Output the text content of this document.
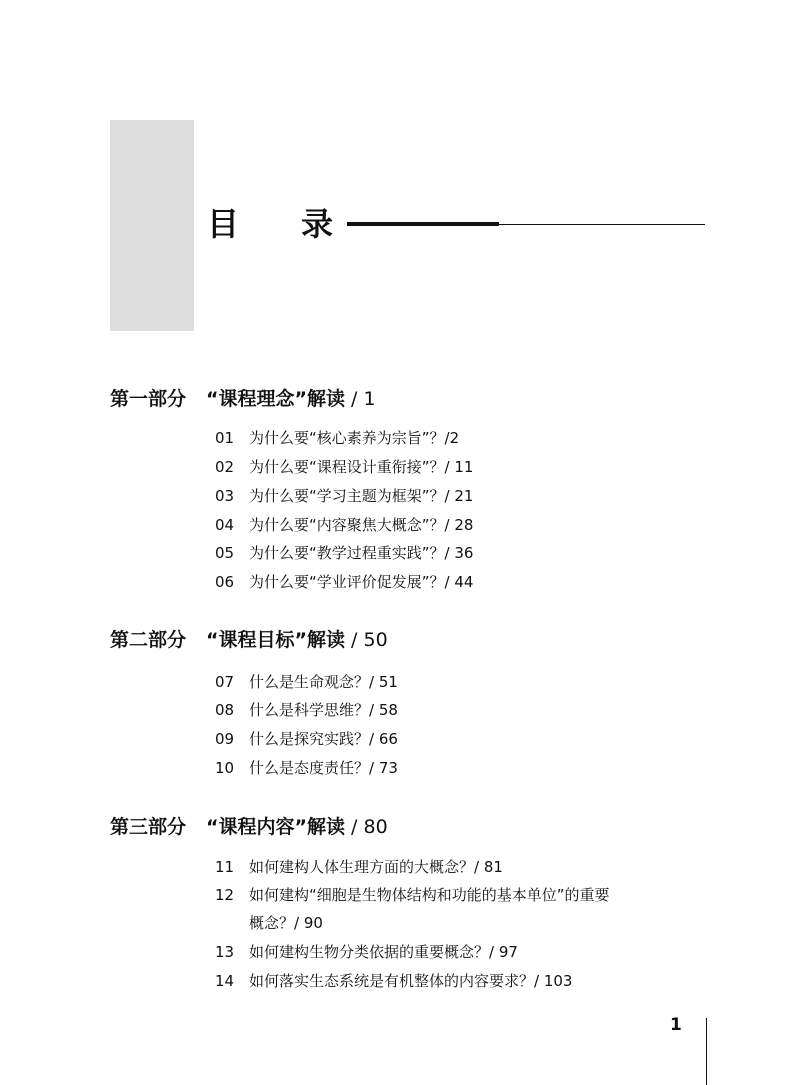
目 录
第一部分 “课程理念”解读 / 1
01 为什么要“核心素养为宗旨”？/2
02 为什么要“课程设计重衔接”？/ 11
03 为什么要“学习主题为框架”？/ 21
04 为什么要“内容聚焦大概念”？/ 28
05 为什么要“教学过程重实践”？/ 36
06 为什么要“学业评价促发展”？/ 44
第二部分 “课程目标”解读 / 50
07 什么是生命观念？/ 51
08 什么是科学思维？/ 58
09 什么是探究实践？/ 66
10 什么是态度责任？/ 73
第三部分 “课程内容”解读 / 80
11 如何建构人体生理方面的大概念？/ 81
12 如何建构“细胞是生物体结构和功能的基本单位”的重要
概念？/ 90
13 如何建构生物分类依据的重要概念？/ 97
14 如何落实生态系统是有机整体的内容要求？/ 103
1
